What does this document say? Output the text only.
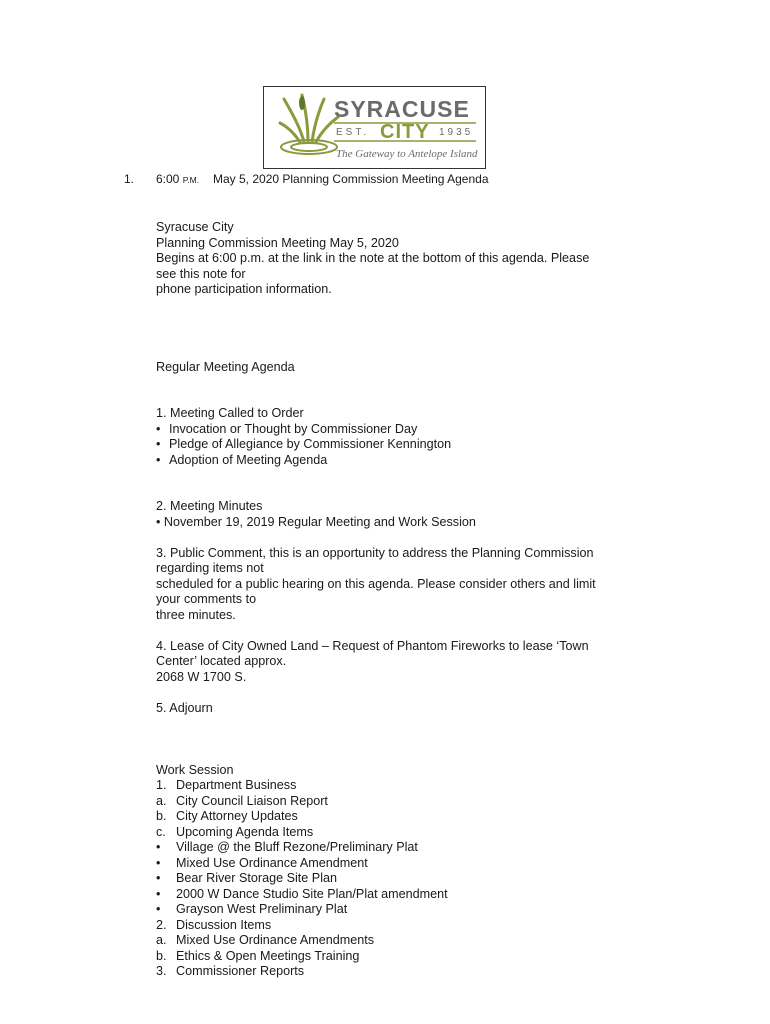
SYRACUSE
EST. CITY 1935
The Gateway to Antelope Island
1. 6:00 P.M. May 5, 2020 Planning Commission Meeting Agenda

Syracuse City

Planning Commission Meeting May 5, 2020

Begins at 6:00 p.m. at the link in the note at the bottom of this agenda. Please

see this note for

phone participation information.

Regular Meeting Agenda

1. Meeting Called to Order

• Invocation or Thought by Commissioner Day
• Pledge of Allegiance by Commissioner Kennington
• Adoption of Meeting Agenda

2. Meeting Minutes

• November 19, 2019 Regular Meeting and Work Session

3. Public Comment, this is an opportunity to address the Planning Commission

regarding items not

scheduled for a public hearing on this agenda. Please consider others and limit

your comments to

three minutes.

4. Lease of City Owned Land – Request of Phantom Fireworks to lease ‘Town

Center’ located approx.

2068 W 1700 S.

5. Adjourn

Work Session

1. Department Business
a. City Council Liaison Report
b. City Attorney Updates
c. Upcoming Agenda Items
•	Village @ the Bluff Rezone/Preliminary Plat
•	Mixed Use Ordinance Amendment
•	Bear River Storage Site Plan
•	2000 W Dance Studio Site Plan/Plat amendment
•	Grayson West Preliminary Plat
2. Discussion Items
a. Mixed Use Ordinance Amendments
b. Ethics & Open Meetings Training
3. Commissioner Reports
